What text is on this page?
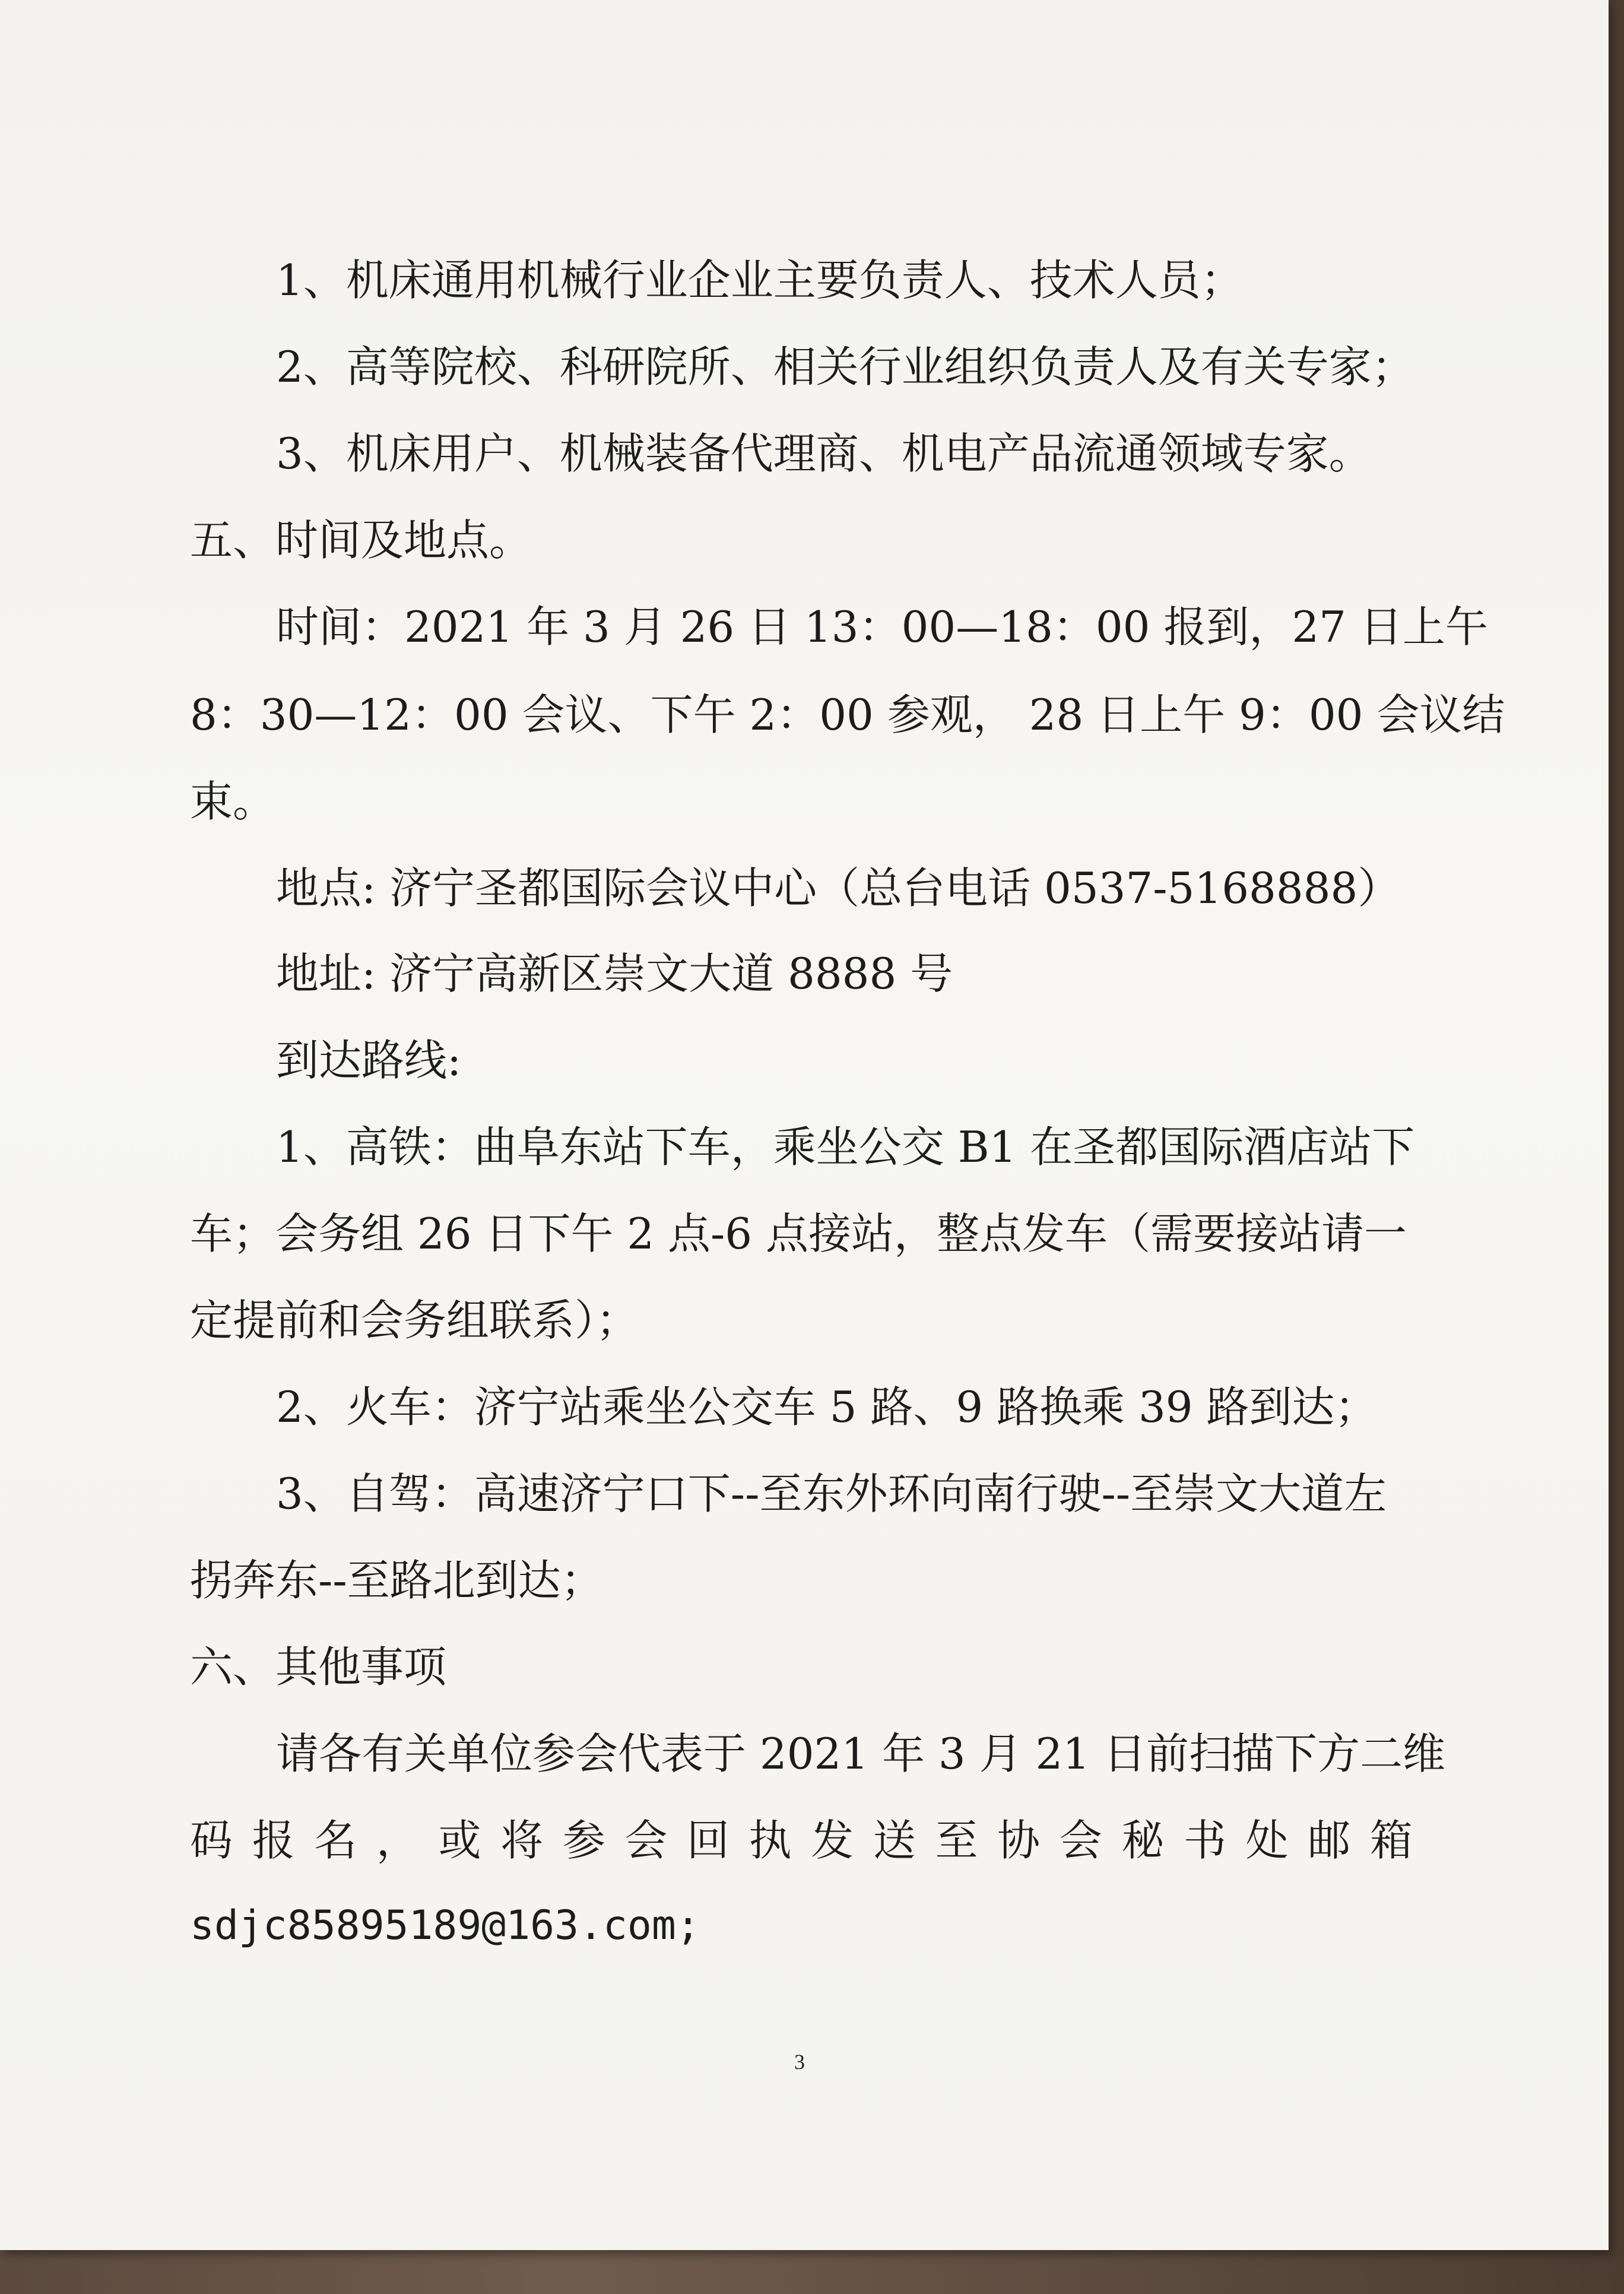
1、机床通用机械行业企业主要负责人、技术人员；
2、高等院校、科研院所、相关行业组织负责人及有关专家；
3、机床用户、机械装备代理商、机电产品流通领域专家。
五、时间及地点。
时间：2021 年 3 月 26 日 13：00—18：00 报到，27 日上午
8：30—12：00 会议、下午 2：00 参观， 28 日上午 9：00 会议结
束。
地点: 济宁圣都国际会议中心（总台电话 0537-5168888）
地址: 济宁高新区崇文大道 8888 号
到达路线:
1、高铁：曲阜东站下车，乘坐公交 B1 在圣都国际酒店站下
车；会务组 26 日下午 2 点-6 点接站，整点发车（需要接站请一
定提前和会务组联系）；
2、火车：济宁站乘坐公交车 5 路、9 路换乘 39 路到达；
3、自驾：高速济宁口下--至东外环向南行驶--至崇文大道左
拐奔东--至路北到达；
六、其他事项
请各有关单位参会代表于 2021 年 3 月 21 日前扫描下方二维
码 报 名 ， 或 将 参 会 回 执 发 送 至 协 会 秘 书 处 邮 箱
sdjc85895189@163.com;
3
